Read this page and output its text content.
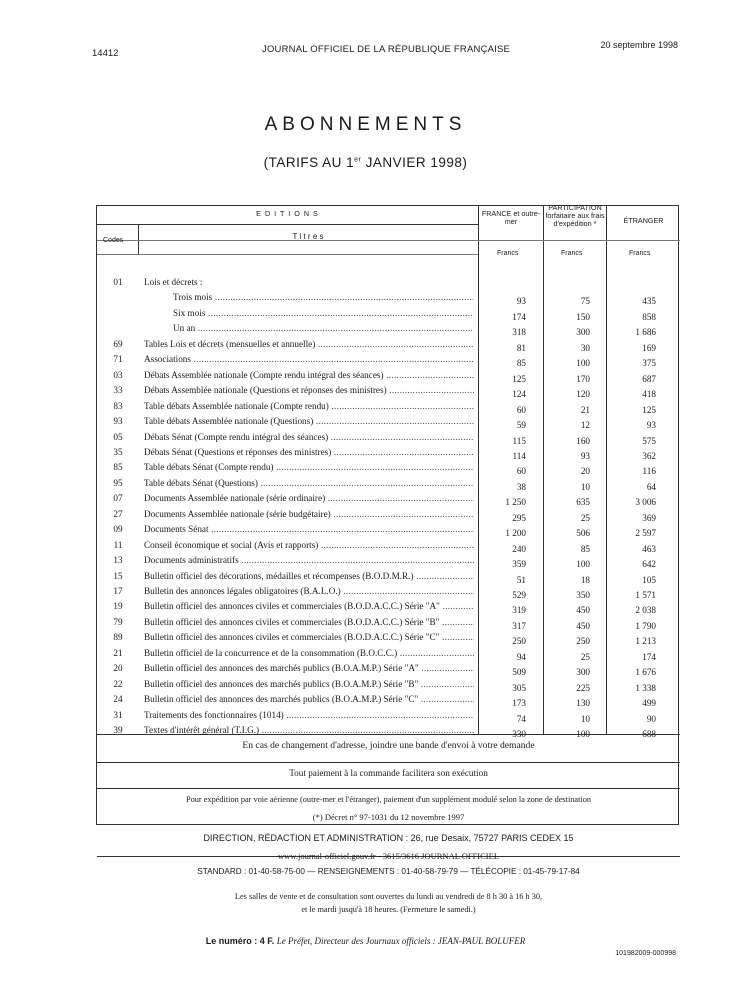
14412	JOURNAL OFFICIEL DE LA RÉPUBLIQUE FRANÇAISE	20 septembre 1998
ABONNEMENTS
(TARIFS AU 1er JANVIER 1998)
E D I T I O N S
Codes	T i t r e s
FRANCE et outre-mer
PARTICIPATION forfaitaire aux frais d'expédition *	ÉTRANGER
Francs	Francs	Francs
01	Lois et décrets :
Trois mois .....	93	75	435
Six mois .....	174	150	858
Un an .....	318	300	1 686
69	Tables Lois et décrets (mensuelles et annuelle) .....	81	30	169
71	Associations .....	85	100	375
03	Débats Assemblée nationale (Compte rendu intégral des séances) .....	125	170	687
33	Débats Assemblée nationale (Questions et réponses des ministres) .....	124	120	418
83	Table débats Assemblée nationale (Compte rendu) .....	60	21	125
93	Table débats Assemblée nationale (Questions) .....	59	12	93
05	Débats Sénat (Compte rendu intégral des séances) .....	115	160	575
35	Débats Sénat (Questions et réponses des ministres) .....	114	93	362
85	Table débats Sénat (Compte rendu) .....	60	20	116
95	Table débats Sénat (Questions) .....	38	10	64
07	Documents Assemblée nationale (série ordinaire) .....	1 250	635	3 006
27	Documents Assemblée nationale (série budgétaire) .....	295	25	369
09	Documents Sénat .....	1 200	506	2 597
11	Conseil économique et social (Avis et rapports) .....	240	85	463
13	Documents administratifs .....	359	100	642
15	Bulletin officiel des décorations, médailles et récompenses (B.O.D.M.R.) .....	51	18	105
17	Bulletin des annonces légales obligatoires (B.A.L.O.) .....	529	350	1 571
19	Bulletin officiel des annonces civiles et commerciales (B.O.D.A.C.C.) Série "A" .....	319	450	2 038
79	Bulletin officiel des annonces civiles et commerciales (B.O.D.A.C.C.) Série "B" .....	317	450	1 790
89	Bulletin officiel des annonces civiles et commerciales (B.O.D.A.C.C.) Série "C" .....	250	250	1 213
21	Bulletin officiel de la concurrence et de la consommation (B.O.C.C.) .....	94	25	174
20	Bulletin officiel des annonces des marchés publics (B.O.A.M.P.) Série "A" .....	509	300	1 676
22	Bulletin officiel des annonces des marchés publics (B.O.A.M.P.) Série "B" .....	305	225	1 338
24	Bulletin officiel des annonces des marchés publics (B.O.A.M.P.) Série "C" .....	173	130	499
31	Traitements des fonctionnaires (1014) .....	74	10	90
39	Textes d'intérêt général (T.I.G.) .....	330	100	688
En cas de changement d'adresse, joindre une bande d'envoi à votre demande
Tout paiement à la commande facilitera son exécution
Pour expédition par voie aérienne (outre-mer et l'étranger), paiement d'un supplément modulé selon la zone de destination
(*) Décret n° 97-1031 du 12 novembre 1997
DIRECTION, RÉDACTION ET ADMINISTRATION : 26, rue Desaix, 75727 PARIS CEDEX 15
www.journal-officiel.gouv.fr - 3615/3616 JOURNAL OFFICIEL
STANDARD : 01-40-58-75-00 — RENSEIGNEMENTS : 01-40-58-79-79 — TÉLÉCOPIE : 01-45-79-17-84
Les salles de vente et de consultation sont ouvertes du lundi au vendredi de 8 h 30 à 16 h 30,
et le mardi jusqu'à 18 heures. (Fermeture le samedi.)
Le numéro : 4 F. Le Préfet, Directeur des Journaux officiels : JEAN-PAUL BOLUFER
101982009-000998
